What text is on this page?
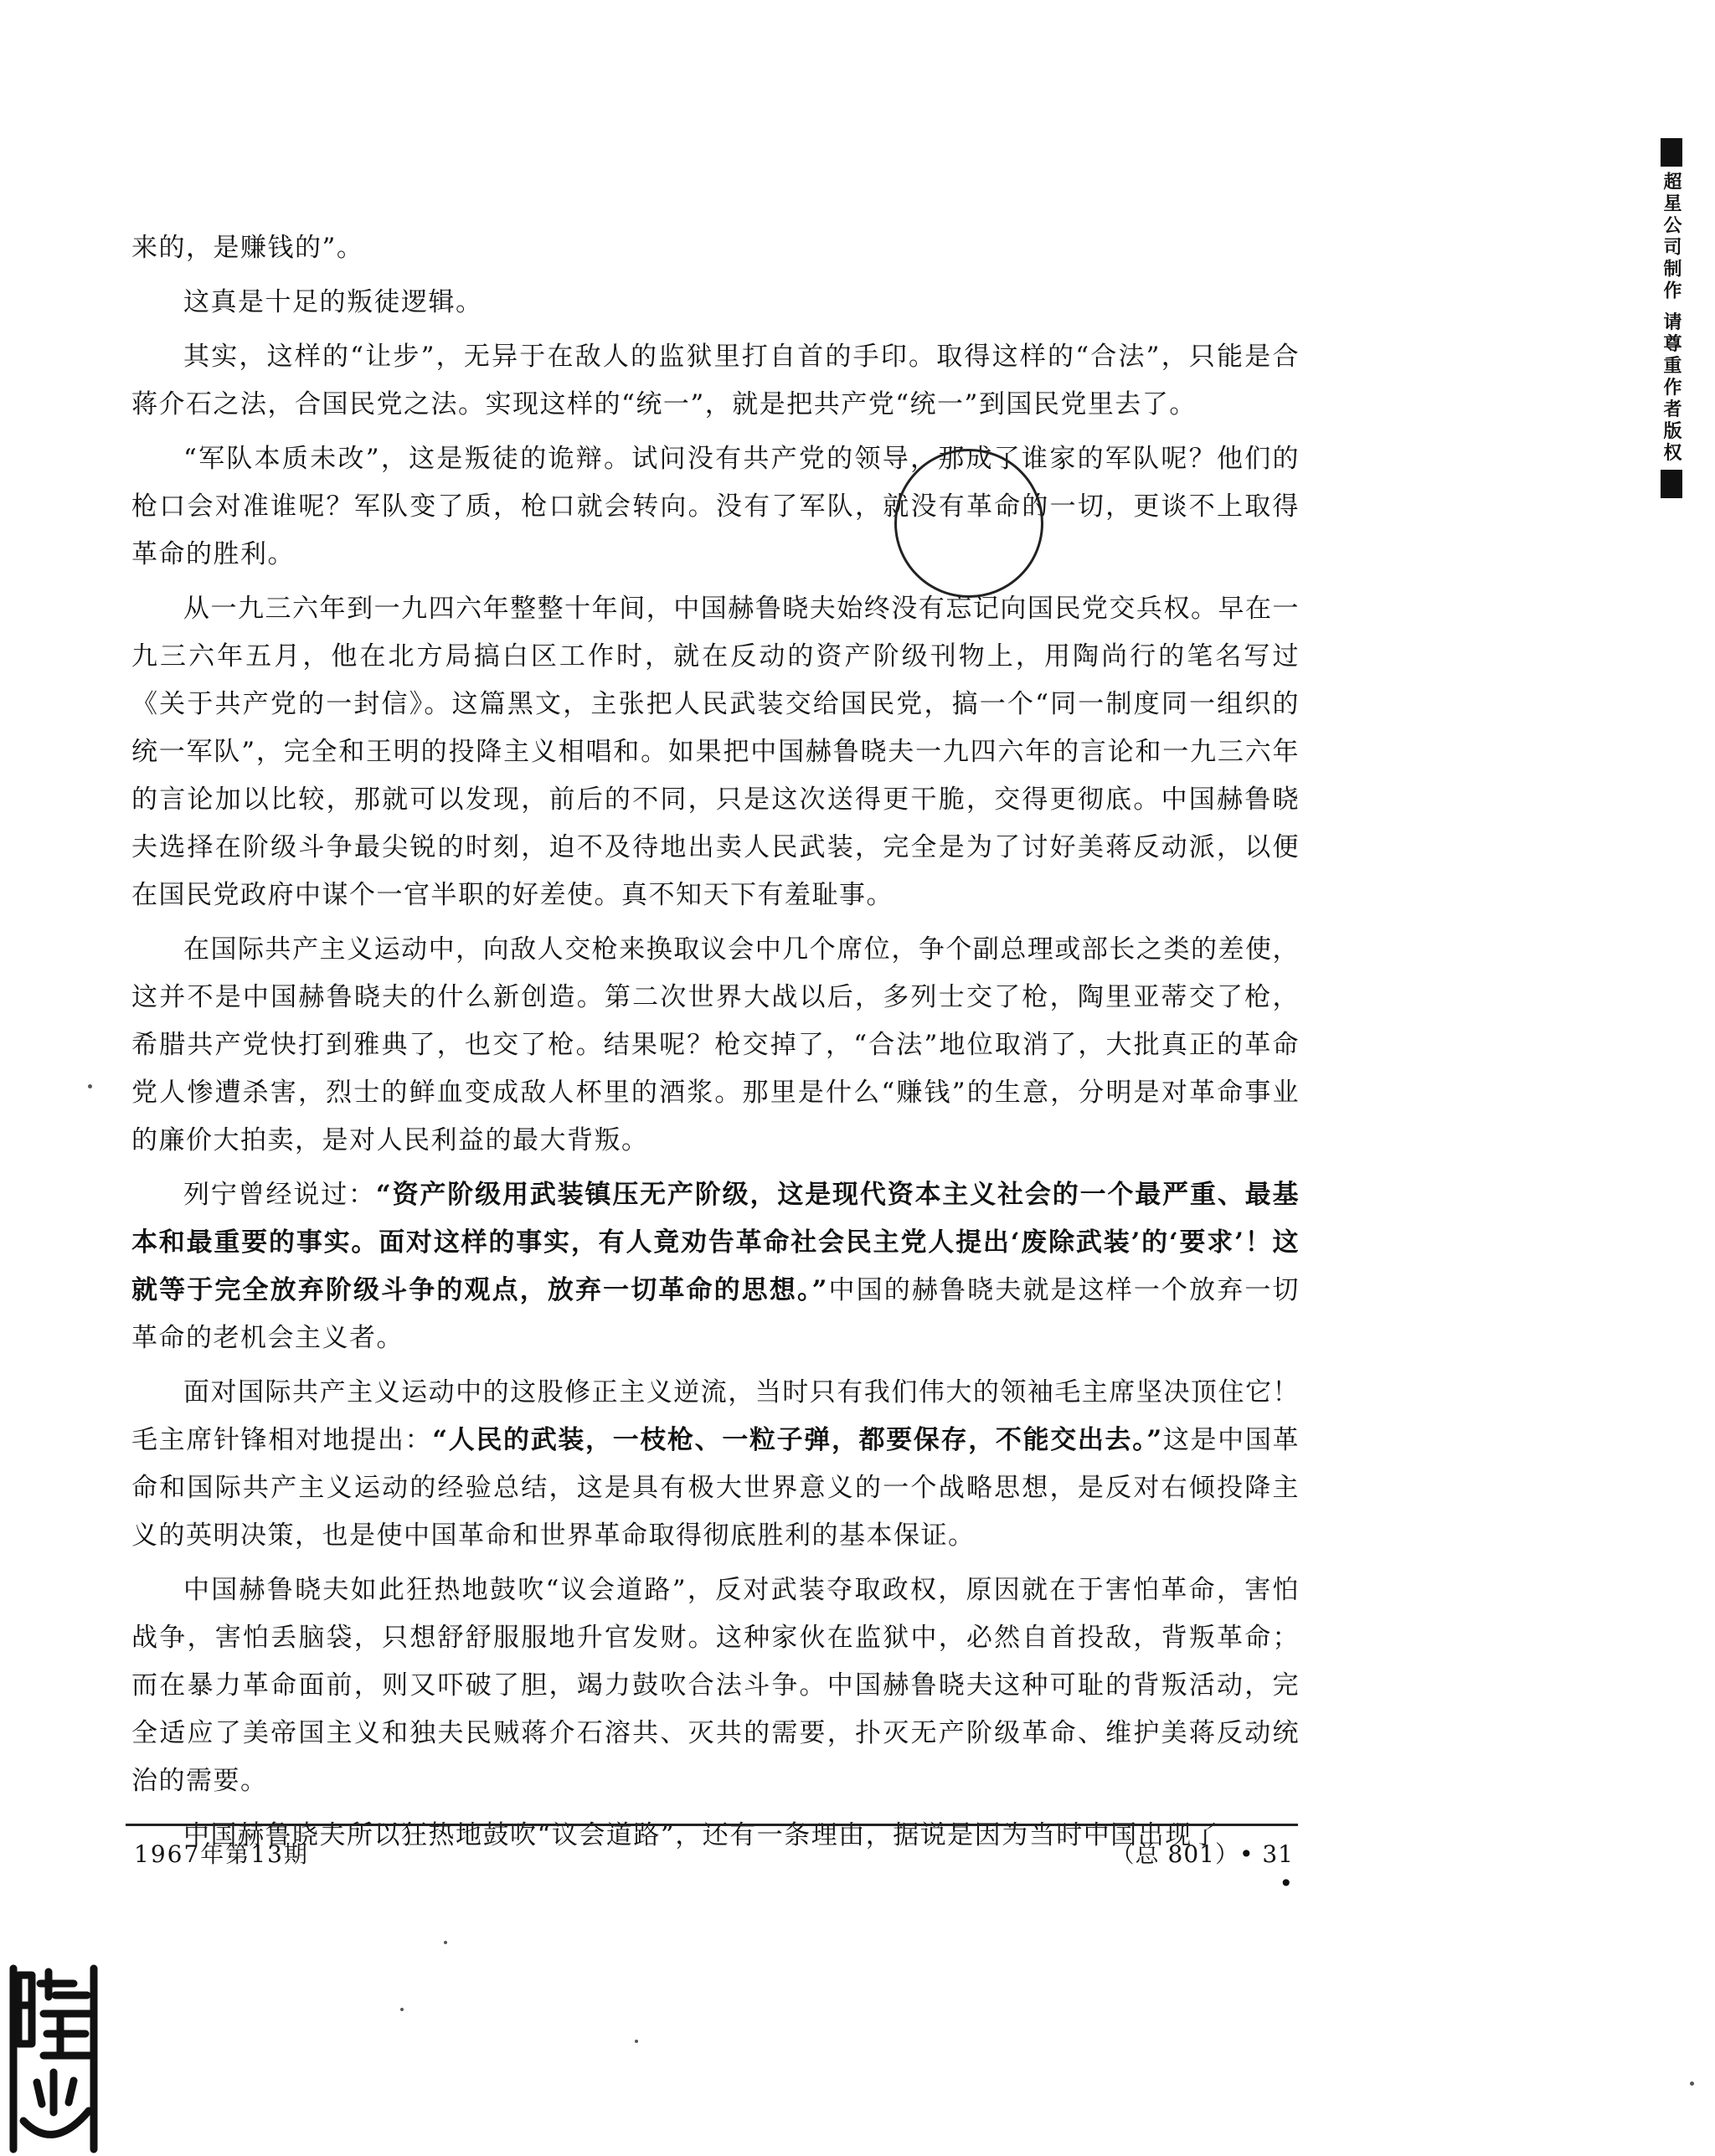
来的，是赚钱的”。

这真是十足的叛徒逻辑。

其实，这样的“让步”，无异于在敌人的监狱里打自首的手印。取得这样的“合法”，只能是合蒋介石之法，合国民党之法。实现这样的“统一”，就是把共产党“统一”到国民党里去了。

“军队本质未改”，这是叛徒的诡辩。试问没有共产党的领导，那成了谁家的军队呢？他们的枪口会对准谁呢？军队变了质，枪口就会转向。没有了军队，就没有革命的一切，更谈不上取得革命的胜利。

从一九三六年到一九四六年整整十年间，中国赫鲁晓夫始终没有忘记向国民党交兵权。早在一九三六年五月，他在北方局搞白区工作时，就在反动的资产阶级刊物上，用陶尚行的笔名写过《关于共产党的一封信》。这篇黑文，主张把人民武装交给国民党，搞一个“同一制度同一组织的统一军队”，完全和王明的投降主义相唱和。如果把中国赫鲁晓夫一九四六年的言论和一九三六年的言论加以比较，那就可以发现，前后的不同，只是这次送得更干脆，交得更彻底。中国赫鲁晓夫选择在阶级斗争最尖锐的时刻，迫不及待地出卖人民武装，完全是为了讨好美蒋反动派，以便在国民党政府中谋个一官半职的好差使。真不知天下有羞耻事。

在国际共产主义运动中，向敌人交枪来换取议会中几个席位，争个副总理或部长之类的差使，这并不是中国赫鲁晓夫的什么新创造。第二次世界大战以后，多列士交了枪，陶里亚蒂交了枪，希腊共产党快打到雅典了，也交了枪。结果呢？枪交掉了，“合法”地位取消了，大批真正的革命党人惨遭杀害，烈士的鲜血变成敌人杯里的酒浆。那里是什么“赚钱”的生意，分明是对革命事业的廉价大拍卖，是对人民利益的最大背叛。

列宁曾经说过：“资产阶级用武装镇压无产阶级，这是现代资本主义社会的一个最严重、最基本和最重要的事实。面对这样的事实，有人竟劝告革命社会民主党人提出‘废除武装’的‘要求’！这就等于完全放弃阶级斗争的观点，放弃一切革命的思想。”中国的赫鲁晓夫就是这样一个放弃一切革命的老机会主义者。

面对国际共产主义运动中的这股修正主义逆流，当时只有我们伟大的领袖毛主席坚决顶住它！毛主席针锋相对地提出：“人民的武装，一枝枪、一粒子弹，都要保存，不能交出去。”这是中国革命和国际共产主义运动的经验总结，这是具有极大世界意义的一个战略思想，是反对右倾投降主义的英明决策，也是使中国革命和世界革命取得彻底胜利的基本保证。

中国赫鲁晓夫如此狂热地鼓吹“议会道路”，反对武装夺取政权，原因就在于害怕革命，害怕战争，害怕丢脑袋，只想舒舒服服地升官发财。这种家伙在监狱中，必然自首投敌，背叛革命；而在暴力革命面前，则又吓破了胆，竭力鼓吹合法斗争。中国赫鲁晓夫这种可耻的背叛活动，完全适应了美帝国主义和独夫民贼蒋介石溶共、灭共的需要，扑灭无产阶级革命、维护美蒋反动统治的需要。

中国赫鲁晓夫所以狂热地鼓吹“议会道路”，还有一条理由，据说是因为当时中国出现了

1967年第13期	（总 801）• 31 •
超星公司制作 请尊重作者版权
